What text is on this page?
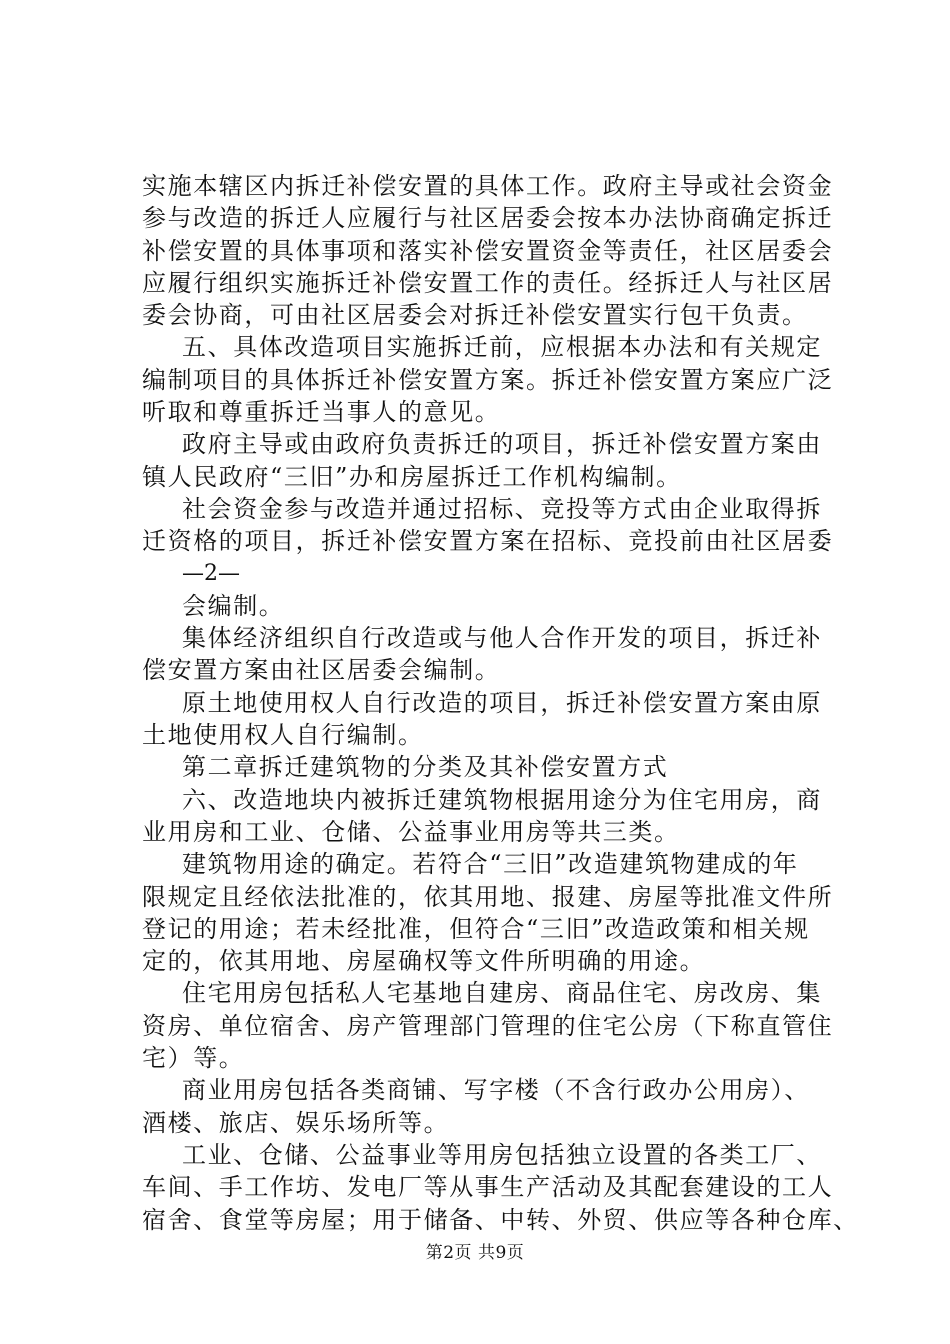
实施本辖区内拆迁补偿安置的具体工作。政府主导或社会资金
参与改造的拆迁人应履行与社区居委会按本办法协商确定拆迁
补偿安置的具体事项和落实补偿安置资金等责任，社区居委会
应履行组织实施拆迁补偿安置工作的责任。经拆迁人与社区居
委会协商，可由社区居委会对拆迁补偿安置实行包干负责。
五、具体改造项目实施拆迁前，应根据本办法和有关规定
编制项目的具体拆迁补偿安置方案。拆迁补偿安置方案应广泛
听取和尊重拆迁当事人的意见。
政府主导或由政府负责拆迁的项目，拆迁补偿安置方案由
镇人民政府“三旧”办和房屋拆迁工作机构编制。
社会资金参与改造并通过招标、竞投等方式由企业取得拆
迁资格的项目，拆迁补偿安置方案在招标、竞投前由社区居委
—2—
会编制。
集体经济组织自行改造或与他人合作开发的项目，拆迁补
偿安置方案由社区居委会编制。
原土地使用权人自行改造的项目，拆迁补偿安置方案由原
土地使用权人自行编制。
第二章拆迁建筑物的分类及其补偿安置方式
六、改造地块内被拆迁建筑物根据用途分为住宅用房，商
业用房和工业、仓储、公益事业用房等共三类。
建筑物用途的确定。若符合“三旧”改造建筑物建成的年
限规定且经依法批准的，依其用地、报建、房屋等批准文件所
登记的用途；若未经批准，但符合“三旧”改造政策和相关规
定的，依其用地、房屋确权等文件所明确的用途。
住宅用房包括私人宅基地自建房、商品住宅、房改房、集
资房、单位宿舍、房产管理部门管理的住宅公房（下称直管住
宅）等。
商业用房包括各类商铺、写字楼（不含行政办公用房）、
酒楼、旅店、娱乐场所等。
工业、仓储、公益事业等用房包括独立设置的各类工厂、
车间、手工作坊、发电厂等从事生产活动及其配套建设的工人
宿舍、食堂等房屋；用于储备、中转、外贸、供应等各种仓库、
第2页 共9页
